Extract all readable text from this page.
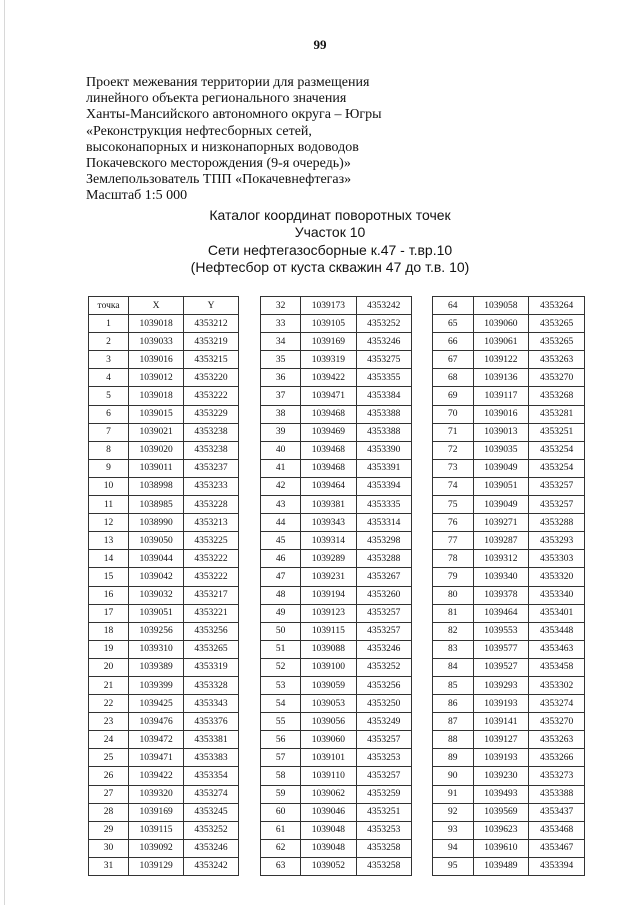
99
Проект межевания территории для размещения
линейного объекта регионального значения
Ханты-Мансийского автономного округа – Югры
«Реконструкция нефтесборных сетей,
высоконапорных и низконапорных водоводов
Покачевского месторождения (9-я очередь)»
Землепользователь ТПП «Покачевнефтегаз»
Масштаб 1:5 000
Каталог координат поворотных точек
Участок 10
Сети нефтегазосборные к.47 - т.вр.10
(Нефтесбор от куста скважин 47 до т.в. 10)
точка	X	Y
1	1039018	4353212
2	1039033	4353219
3	1039016	4353215
4	1039012	4353220
5	1039018	4353222
6	1039015	4353229
7	1039021	4353238
8	1039020	4353238
9	1039011	4353237
10	1038998	4353233
11	1038985	4353228
12	1038990	4353213
13	1039050	4353225
14	1039044	4353222
15	1039042	4353222
16	1039032	4353217
17	1039051	4353221
18	1039256	4353256
19	1039310	4353265
20	1039389	4353319
21	1039399	4353328
22	1039425	4353343
23	1039476	4353376
24	1039472	4353381
25	1039471	4353383
26	1039422	4353354
27	1039320	4353274
28	1039169	4353245
29	1039115	4353252
30	1039092	4353246
31	1039129	4353242
32	1039173	4353242
33	1039105	4353252
34	1039169	4353246
35	1039319	4353275
36	1039422	4353355
37	1039471	4353384
38	1039468	4353388
39	1039469	4353388
40	1039468	4353390
41	1039468	4353391
42	1039464	4353394
43	1039381	4353335
44	1039343	4353314
45	1039314	4353298
46	1039289	4353288
47	1039231	4353267
48	1039194	4353260
49	1039123	4353257
50	1039115	4353257
51	1039088	4353246
52	1039100	4353252
53	1039059	4353256
54	1039053	4353250
55	1039056	4353249
56	1039060	4353257
57	1039101	4353253
58	1039110	4353257
59	1039062	4353259
60	1039046	4353251
61	1039048	4353253
62	1039048	4353258
63	1039052	4353258
64	1039058	4353264
65	1039060	4353265
66	1039061	4353265
67	1039122	4353263
68	1039136	4353270
69	1039117	4353268
70	1039016	4353281
71	1039013	4353251
72	1039035	4353254
73	1039049	4353254
74	1039051	4353257
75	1039049	4353257
76	1039271	4353288
77	1039287	4353293
78	1039312	4353303
79	1039340	4353320
80	1039378	4353340
81	1039464	4353401
82	1039553	4353448
83	1039577	4353463
84	1039527	4353458
85	1039293	4353302
86	1039193	4353274
87	1039141	4353270
88	1039127	4353263
89	1039193	4353266
90	1039230	4353273
91	1039493	4353388
92	1039569	4353437
93	1039623	4353468
94	1039610	4353467
95	1039489	4353394
